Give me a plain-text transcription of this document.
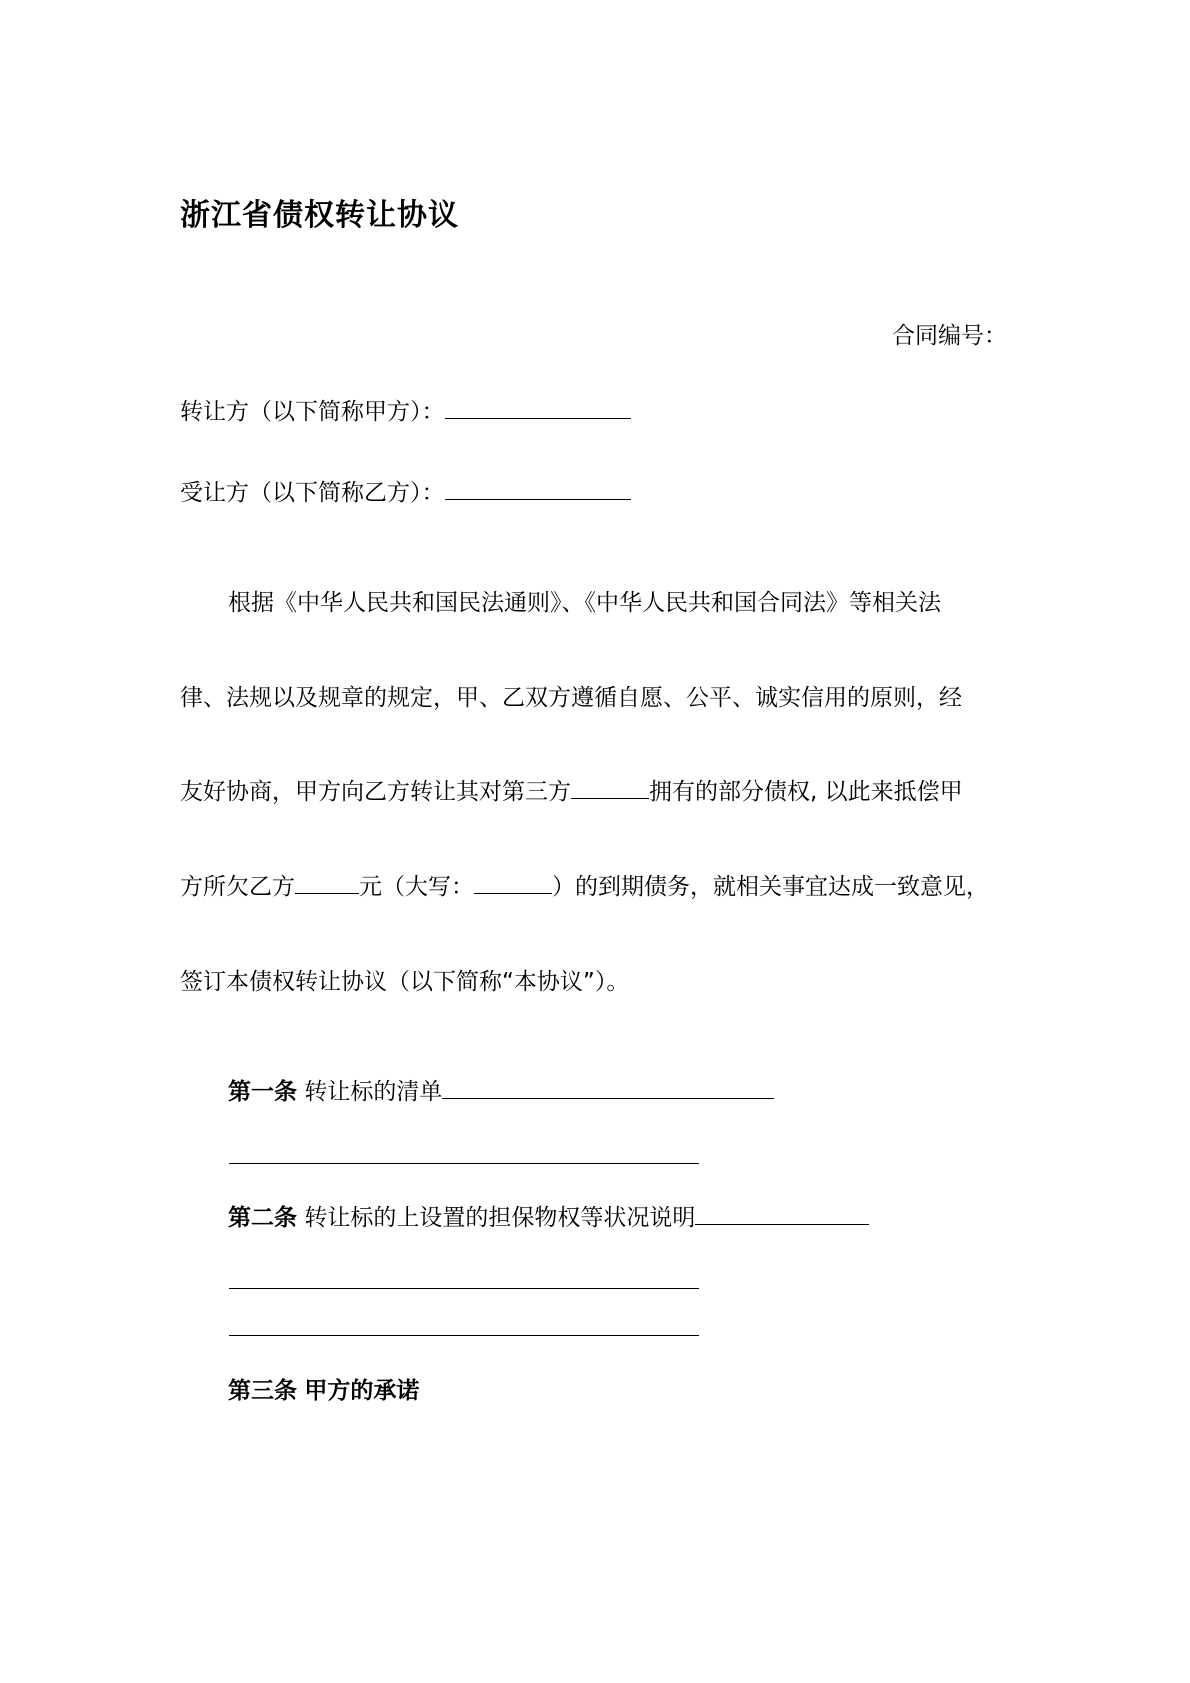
浙江省债权转让协议
合同编号：
转让方（以下简称甲方）：
受让方（以下简称乙方）：
根据《中华人民共和国民法通则》、《中华人民共和国合同法》等相关法
律、法规以及规章的规定，甲、乙双方遵循自愿、公平、诚实信用的原则，经
友好协商，甲方向乙方转让其对第三方	拥有的部分债权, 以此来抵偿甲
方所欠乙方	元（大写：	）的到期债务，就相关事宜达成一致意见，
签订本债权转让协议（以下简称“本协议”）。
第一条 转让标的清单
第二条 转让标的上设置的担保物权等状况说明
第三条 甲方的承诺
